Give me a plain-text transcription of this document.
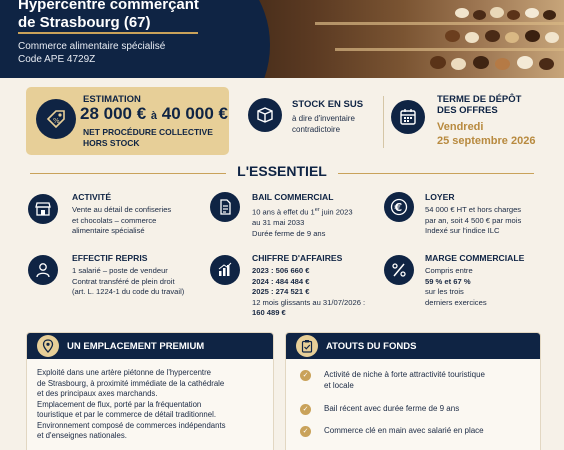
Hypercentre commerçant
de Strasbourg (67)
Commerce alimentaire spécialisé
Code APE 4729Z
%
ESTIMATION
28 000 € à 40 000 €
NET PROCÉDURE COLLECTIVE
HORS STOCK
STOCK EN SUS
à dire d'inventaire
contradictoire
TERME DE DÉPÔT
DES OFFRES
Vendredi
25 septembre 2026
L'ESSENTIEL
ACTIVITÉ
Vente au détail de confiseries
et chocolats – commerce
alimentaire spécialisé
BAIL COMMERCIAL
10 ans à effet du 1er juin 2023
au 31 mai 2033
Durée ferme de 9 ans
€
LOYER
54 000 € HT et hors charges
par an, soit 4 500 € par mois
Indexé sur l'indice ILC
EFFECTIF REPRIS
1 salarié – poste de vendeur
Contrat transféré de plein droit
(art. L. 1224-1 du code du travail)
CHIFFRE D'AFFAIRES
2023 : 506 660 €
2024 : 484 484 €
2025 : 274 521 €
12 mois glissants au 31/07/2026 :
160 489 €
MARGE COMMERCIALE
Compris entre
59 % et 67 %
sur les trois
derniers exercices
UN EMPLACEMENT PREMIUM
Exploité dans une artère piétonne de l'hypercentre
de Strasbourg, à proximité immédiate de la cathédrale
et des principaux axes marchands.
Emplacement de flux, porté par la fréquentation
touristique et par le commerce de détail traditionnel.
Environnement composé de commerces indépendants
et d'enseignes nationales.
ATOUTS DU FONDS
✓	Activité de niche à forte attractivité touristique
et locale
✓	Bail récent avec durée ferme de 9 ans
✓	Commerce clé en main avec salarié en place
